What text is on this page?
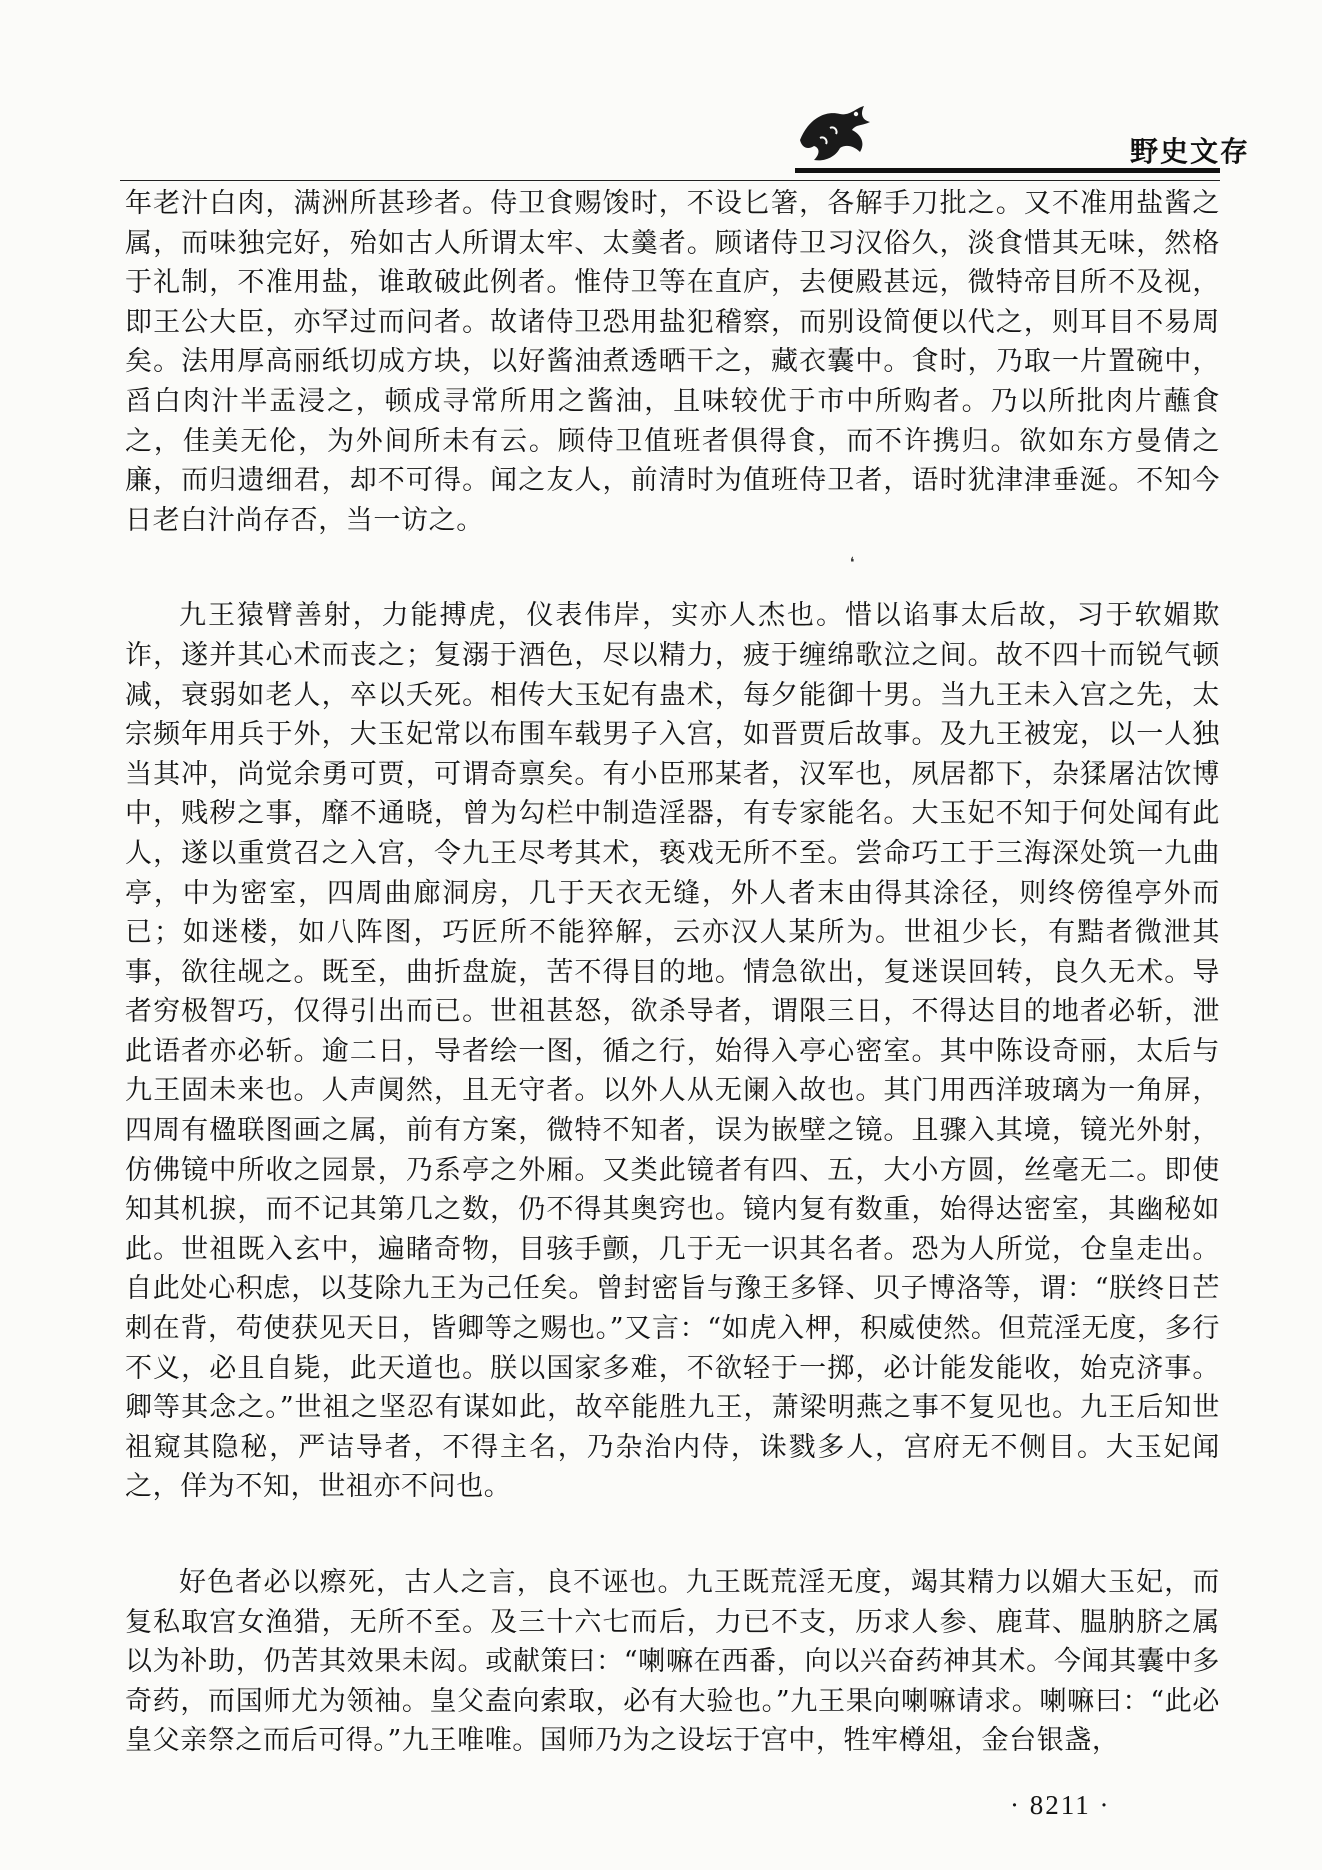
野史文存

年老汁白肉，满洲所甚珍者。侍卫食赐馂时，不设匕箸，各解手刀批之。又不准用盐酱之属，而味独完好，殆如古人所谓太牢、太羹者。顾诸侍卫习汉俗久，淡食惜其无味，然格于礼制，不准用盐，谁敢破此例者。惟侍卫等在直庐，去便殿甚远，微特帝目所不及视，即王公大臣，亦罕过而问者。故诸侍卫恐用盐犯稽察，而别设简便以代之，则耳目不易周矣。法用厚高丽纸切成方块，以好酱油煮透晒干之，藏衣囊中。食时，乃取一片置碗中，舀白肉汁半盂浸之，顿成寻常所用之酱油，且味较优于市中所购者。乃以所批肉片蘸食之，佳美无伦，为外间所未有云。顾侍卫值班者俱得食，而不许携归。欲如东方曼倩之廉，而归遗细君，却不可得。闻之友人，前清时为值班侍卫者，语时犹津津垂涎。不知今日老白汁尚存否，当一访之。

九王猿臂善射，力能搏虎，仪表伟岸，实亦人杰也。惜以谄事太后故，习于软媚欺诈，遂并其心术而丧之；复溺于酒色，尽以精力，疲于缠绵歌泣之间。故不四十而锐气顿减，衰弱如老人，卒以夭死。相传大玉妃有蛊术，每夕能御十男。当九王未入宫之先，太宗频年用兵于外，大玉妃常以布围车载男子入宫，如晋贾后故事。及九王被宠，以一人独当其冲，尚觉余勇可贾，可谓奇禀矣。有小臣邢某者，汉军也，夙居都下，杂猱屠沽饮博中，贱秽之事，靡不通晓，曾为勾栏中制造淫器，有专家能名。大玉妃不知于何处闻有此人，遂以重赏召之入宫，令九王尽考其术，亵戏无所不至。尝命巧工于三海深处筑一九曲亭，中为密室，四周曲廊洞房，几于天衣无缝，外人者末由得其涂径，则终傍徨亭外而已；如迷楼，如八阵图，巧匠所不能猝解，云亦汉人某所为。世祖少长，有黠者微泄其事，欲往觇之。既至，曲折盘旋，苦不得目的地。情急欲出，复迷误回转，良久无术。导者穷极智巧，仅得引出而已。世祖甚怒，欲杀导者，谓限三日，不得达目的地者必斩，泄此语者亦必斩。逾二日，导者绘一图，循之行，始得入亭心密室。其中陈设奇丽，太后与九王固未来也。人声阒然，且无守者。以外人从无阑入故也。其门用西洋玻璃为一角屏，四周有楹联图画之属，前有方案，微特不知者，误为嵌壁之镜。且骤入其境，镜光外射，仿佛镜中所收之园景，乃系亭之外厢。又类此镜者有四、五，大小方圆，丝毫无二。即使知其机捩，而不记其第几之数，仍不得其奥窍也。镜内复有数重，始得达密室，其幽秘如此。世祖既入玄中，遍睹奇物，目骇手颤，几于无一识其名者。恐为人所觉，仓皇走出。自此处心积虑，以芟除九王为己任矣。曾封密旨与豫王多铎、贝子博洛等，谓：“朕终日芒刺在背，苟使获见天日，皆卿等之赐也。”又言：“如虎入柙，积威使然。但荒淫无度，多行不义，必且自毙，此天道也。朕以国家多难，不欲轻于一掷，必计能发能收，始克济事。卿等其念之。”世祖之坚忍有谋如此，故卒能胜九王，萧梁明燕之事不复见也。九王后知世祖窥其隐秘，严诘导者，不得主名，乃杂治内侍，诛戮多人，宫府无不侧目。大玉妃闻之，佯为不知，世祖亦不问也。

好色者必以瘵死，古人之言，良不诬也。九王既荒淫无度，竭其精力以媚大玉妃，而复私取宫女渔猎，无所不至。及三十六七而后，力已不支，历求人参、鹿茸、腽肭脐之属以为补助，仍苦其效果未闳。或献策曰：“喇嘛在西番，向以兴奋药神其术。今闻其囊中多奇药，而国师尤为领袖。皇父盍向索取，必有大验也。”九王果向喇嘛请求。喇嘛曰：“此必皇父亲祭之而后可得。”九王唯唯。国师乃为之设坛于宫中，牲牢樽俎，金台银盏，

❛
· 8211 ·
